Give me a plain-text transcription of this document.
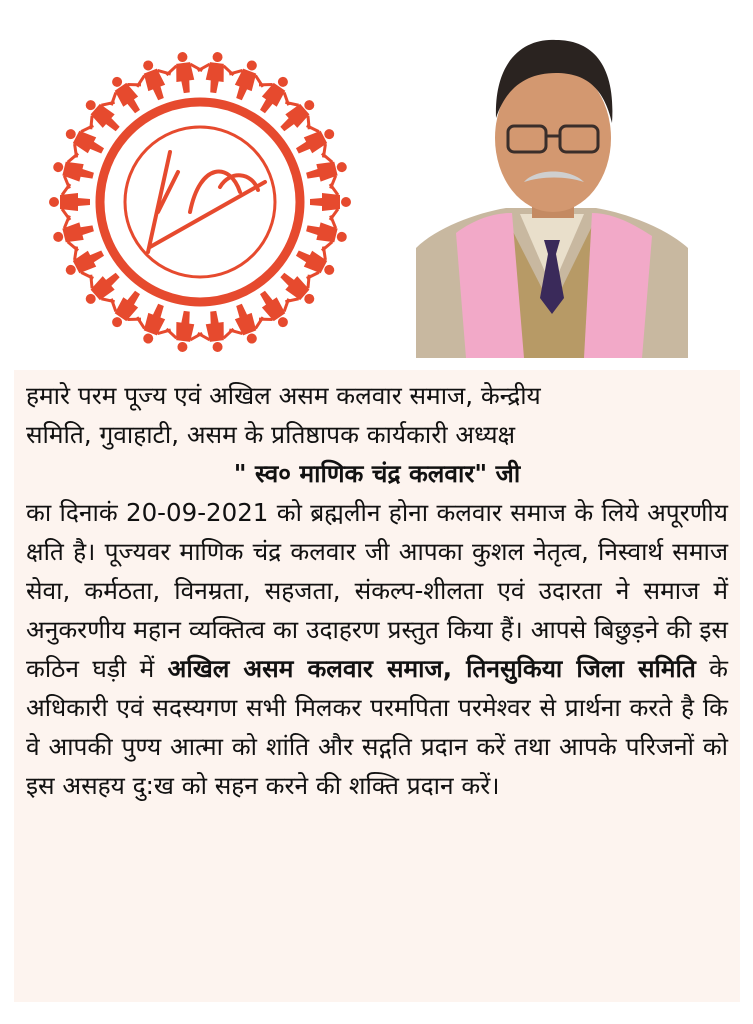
अखिल असम कलवार समाज
असम

हमारे परम पूज्य एवं अखिल असम कलवार समाज, केन्द्रीय

समिति, गुवाहाटी, असम के प्रतिष्ठापक कार्यकारी अध्यक्ष

" स्व० माणिक चंद्र कलवार" जी

का दिनाकं 20-09-2021 को ब्रह्मलीन होना कलवार समाज के लिये अपूरणीय क्षति है। पूज्यवर माणिक चंद्र कलवार जी आपका कुशल नेतृत्व, निस्वार्थ समाज सेवा, कर्मठता, विनम्रता, सहजता, संकल्प-शीलता एवं उदारता ने समाज में अनुकरणीय महान व्यक्तित्व का उदाहरण प्रस्तुत किया हैं। आपसे बिछुड़ने की इस कठिन घड़ी में अखिल असम कलवार समाज, तिनसुकिया जिला समिति के अधिकारी एवं सदस्यगण सभी मिलकर परमपिता परमेश्वर से प्रार्थना करते है कि वे आपकी पुण्य आत्मा को शांति और सद्गति प्रदान करें तथा आपके परिजनों को इस असहय दु:ख को सहन करने की शक्ति प्रदान करें।
